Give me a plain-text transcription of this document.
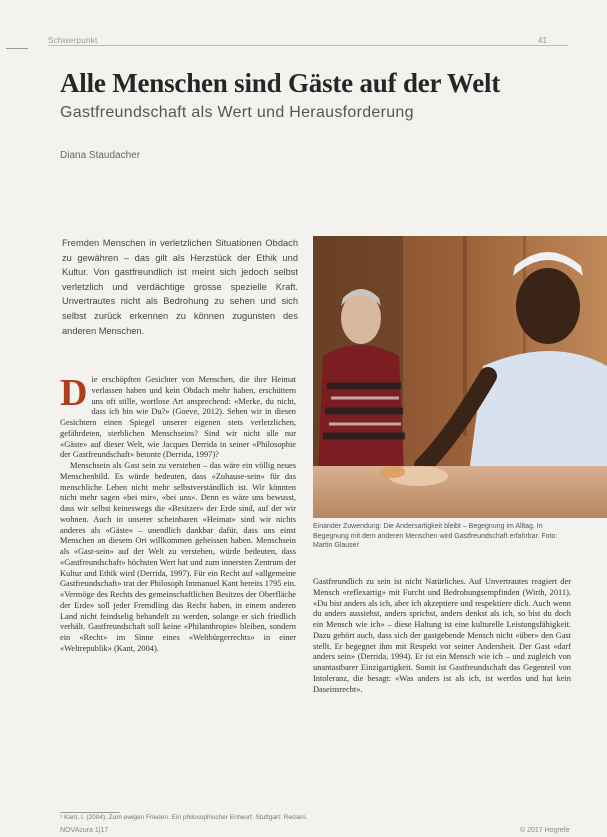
Schwerpunkt	41
Alle Menschen sind Gäste auf der Welt
Gastfreundschaft als Wert und Herausforderung
Diana Staudacher
Fremden Menschen in verletzlichen Situationen Obdach zu gewähren – das gilt als Herzstück der Ethik und Kultur. Von gastfreundlich ist meint sich jedoch selbst verletzlich und verdächtige grosse spezielle Kraft. Unvertrautes nicht als Bedrohung zu sehen und sich selbst zurück erkennen zu können zugunsten des anderen Menschen.
Einander Zuwendung: Die Andersartigkeit bleibt – Begegnung im Alltag. In Begegnung mit dem anderen Menschen wird Gastfreundschaft erfahrbar. Foto: Martin Glauser
D ie erschöpften Gesichter von Menschen, die ihre Heimat verlassen haben und kein Obdach mehr haben, erschüttern uns oft stille, wortlose Art ansprechend: «Merke, du nicht, dass ich bin wie Du?» (Goeve, 2012). Sehen wir in diesen Gesichtern einen Spiegel unserer eigenen stets verletzlichen, gefährdeten, sterblichen Menschseins? Sind wir nicht alle nur «Gäste» auf dieser Welt, wie Jacques Derrida in seiner «Philosophie der Gastfreundschaft» betonte (Derrida, 1997)?

Menschsein als Gast sein zu verstehen – das wäre ein völlig neues Menschenbild. Es würde bedeuten, dass «Zuhause-sein» für das menschliche Leben nicht mehr selbstverständlich ist. Wir könnten nicht mehr sagen «bei mir», «bei uns». Denn es wäre uns bewusst, dass wir selbst keineswegs die «Besitzer» der Erde sind, auf der wir wohnen. Auch in unserer scheinbaren «Heimat» sind wir nichts anderes als «Gäste» – unendlich dankbar dafür, dass uns einst Menschen an diesem Ort willkommen geheissen haben. Menschsein als «Gast-sein» auf der Welt zu verstehen, würde bedeuten, dass «Gastfreundschaft» höchsten Wert hat und zum innersten Zentrum der Kultur und Ethik wird (Derrida, 1997). Für ein Recht auf «allgemeine Gastfreundschaft» trat der Philosoph Immanuel Kant bereits 1795 ein. «Vermöge des Rechts des gemeinschaftlichen Besitzes der Oberfläche der Erde» soll jeder Fremdling das Recht haben, in einem anderen Land nicht feindselig behandelt zu werden, solange er sich friedlich verhält. Gastfreundschaft soll keine «Philanthropie» bleiben, sondern ein «Recht» im Sinne eines «Weltbürgerrechts» in einer «Weltrepublik» (Kant, 2004).

Gastfreundlich zu sein ist nicht Natürliches. Auf Unvertrautes reagiert der Mensch «reflexartig» mit Furcht und Bedrohungsempfinden (Wirth, 2011). «Du bist anders als ich, aber ich akzeptiere und respektiere dich. Auch wenn du anders aussiehst, anders sprichst, anders denkst als ich, so bist du doch ein Mensch wie ich» – diese Haltung ist eine kulturelle Leistungsfähigkeit. Dazu gehört auch, dass sich der gastgebende Mensch nicht «über» den Gast stellt. Er begegnet ihm mit Respekt vor seiner Andersheit. Der Gast «darf anders sein» (Derrida, 1994). Er ist ein Mensch wie ich – und zugleich von unantastbarer Einzigartigkeit. Somit ist Gastfreundschaft das Gegenteil von Intoleranz, die besagt: «Was anders ist als ich, ist wertlos und hat kein Daseinsrecht».

¹ Kant, I. (2004). Zum ewigen Frieden. Ein philosophischer Entwurf. Stuttgart: Reclam.
NOVAcura 1|17	© 2017 Hogrefe
